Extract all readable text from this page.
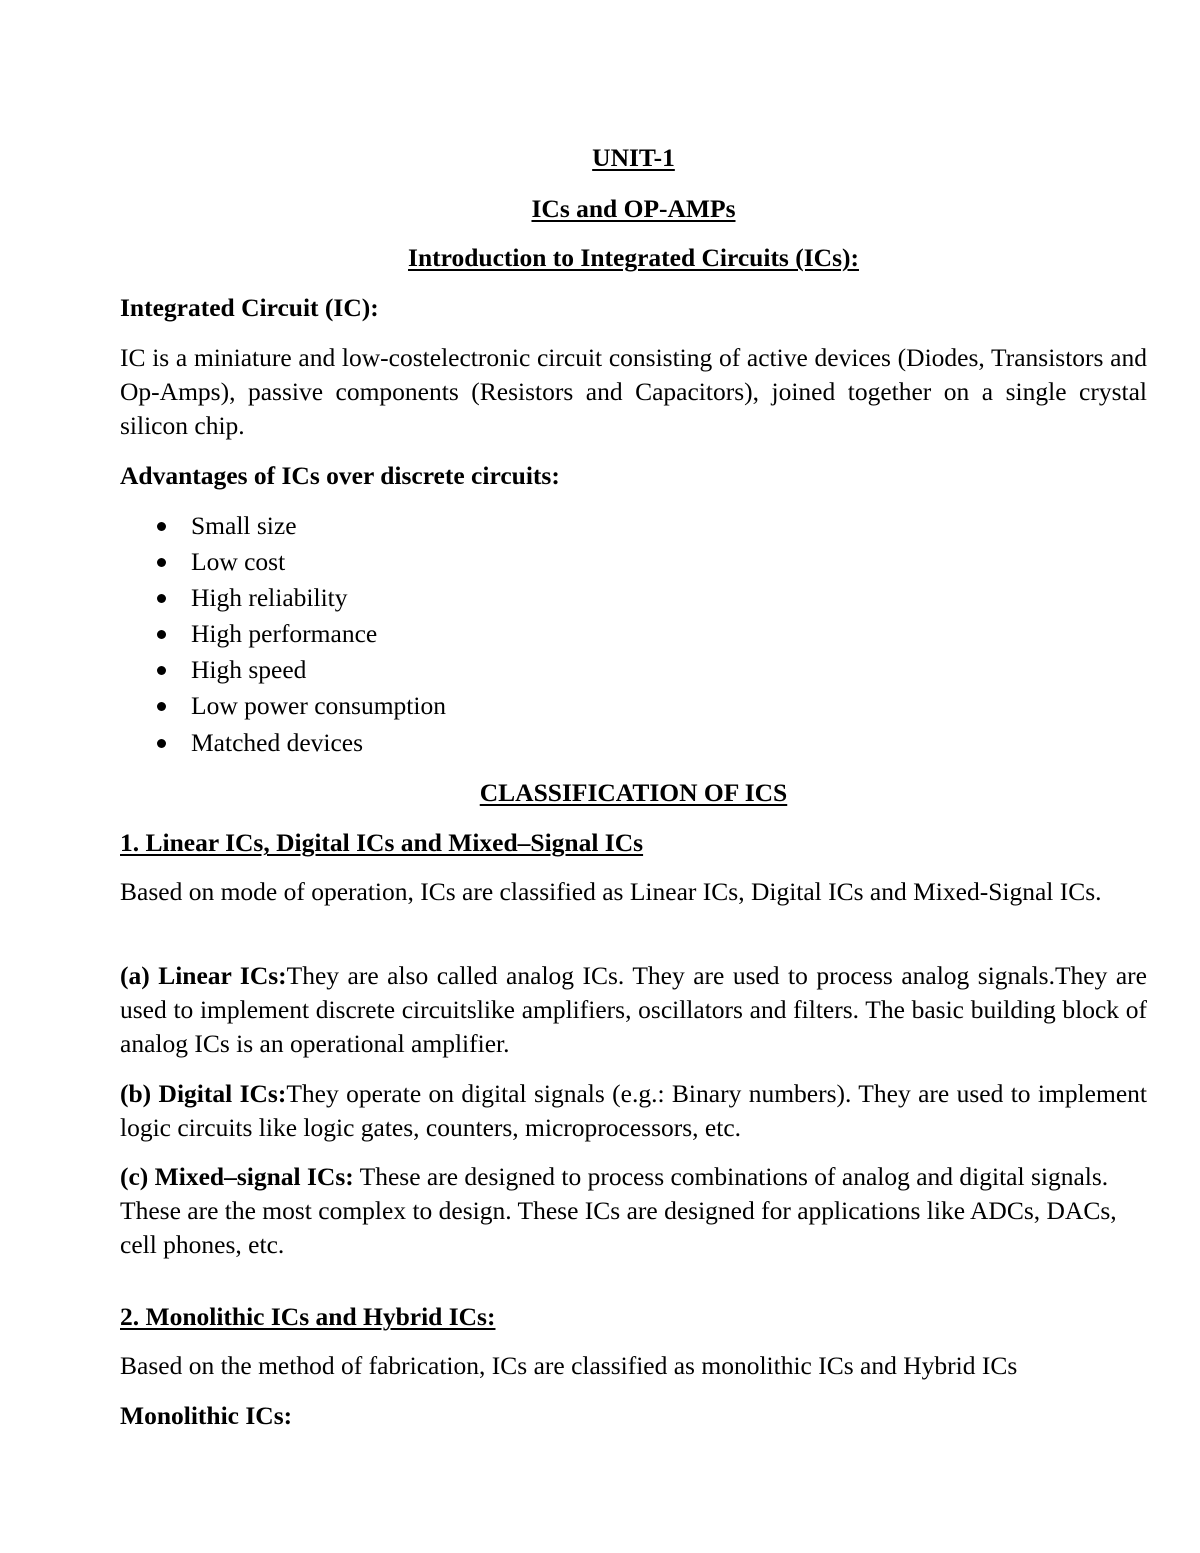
UNIT-1
ICs and OP-AMPs
Introduction to Integrated Circuits (ICs):
Integrated Circuit (IC):

IC is a miniature and low-costelectronic circuit consisting of active devices (Diodes, Transistors and Op-Amps), passive components (Resistors and Capacitors), joined together on a single crystal silicon chip.

Advantages of ICs over discrete circuits:
Small size
Low cost
High reliability
High performance
High speed
Low power consumption
Matched devices
CLASSIFICATION OF ICS
1. Linear ICs, Digital ICs and Mixed–Signal ICs

Based on mode of operation, ICs are classified as Linear ICs, Digital ICs and Mixed-Signal ICs.

(a) Linear ICs:They are also called analog ICs. They are used to process analog signals.They are used to implement discrete circuitslike amplifiers, oscillators and filters. The basic building block of analog ICs is an operational amplifier.

(b) Digital ICs:They operate on digital signals (e.g.: Binary numbers). They are used to implement logic circuits like logic gates, counters, microprocessors, etc.

(c) Mixed–signal ICs: These are designed to process combinations of analog and digital signals. These are the most complex to design. These ICs are designed for applications like ADCs, DACs, cell phones, etc.

2. Monolithic ICs and Hybrid ICs:

Based on the method of fabrication, ICs are classified as monolithic ICs and Hybrid ICs

Monolithic ICs:
